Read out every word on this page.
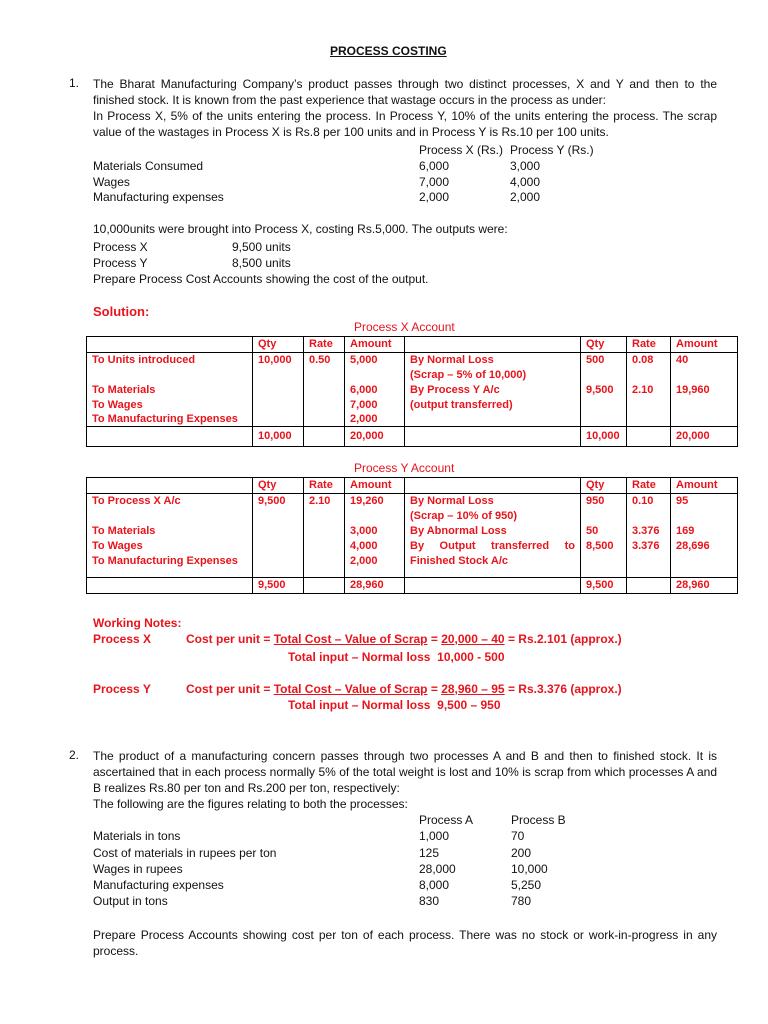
PROCESS COSTING
1. The Bharat Manufacturing Company’s product passes through two distinct processes, X and Y and then to the finished stock. It is known from the past experience that wastage occurs in the process as under:
In Process X, 5% of the units entering the process. In Process Y, 10% of the units entering the process. The scrap value of the wastages in Process X is Rs.8 per 100 units and in Process Y is Rs.10 per 100 units.
Process X (Rs.) Process Y (Rs.)
Materials Consumed	6,000	3,000
Wages	7,000	4,000
Manufacturing expenses	2,000	2,000
10,000units were brought into Process X, costing Rs.5,000. The outputs were:
Process X	9,500 units
Process Y	8,500 units
Prepare Process Cost Accounts showing the cost of the output.
Solution:
Process X Account
	Qty	Rate	Amount		Qty	Rate	Amount
To Units introduced	10,000	0.50	5,000	By Normal Loss	500	0.08	40
				(Scrap – 5% of 10,000)			
To Materials			6,000	By Process Y A/c	9,500	2.10	19,960
To Wages			7,000	(output transferred)			
To Manufacturing Expenses			2,000				
	10,000		20,000		10,000		20,000
Process Y Account
	Qty	Rate	Amount		Qty	Rate	Amount
To Process X A/c	9,500	2.10	19,260	By Normal Loss	950	0.10	95
				(Scrap – 10% of 950)			
To Materials			3,000	By Abnormal Loss	50	3.376	169
To Wages			4,000	By Output transferred to	8,500	3.376	28,696
To Manufacturing Expenses			2,000	Finished Stock A/c			

	9,500		28,960		9,500		28,960
Working Notes:
Process X	Cost per unit = Total Cost – Value of Scrap = 20,000 – 40 = Rs.2.101 (approx.)
Total input – Normal loss 10,000 - 500
Process Y	Cost per unit = Total Cost – Value of Scrap = 28,960 – 95 = Rs.3.376 (approx.)
Total input – Normal loss 9,500 – 950
2. The product of a manufacturing concern passes through two processes A and B and then to finished stock. It is ascertained that in each process normally 5% of the total weight is lost and 10% is scrap from which processes A and B realizes Rs.80 per ton and Rs.200 per ton, respectively:
The following are the figures relating to both the processes:
Process A	Process B
Materials in tons	1,000	70
Cost of materials in rupees per ton	125	200
Wages in rupees	28,000	10,000
Manufacturing expenses	8,000	5,250
Output in tons	830	780
Prepare Process Accounts showing cost per ton of each process. There was no stock or work-in-progress in any process.
